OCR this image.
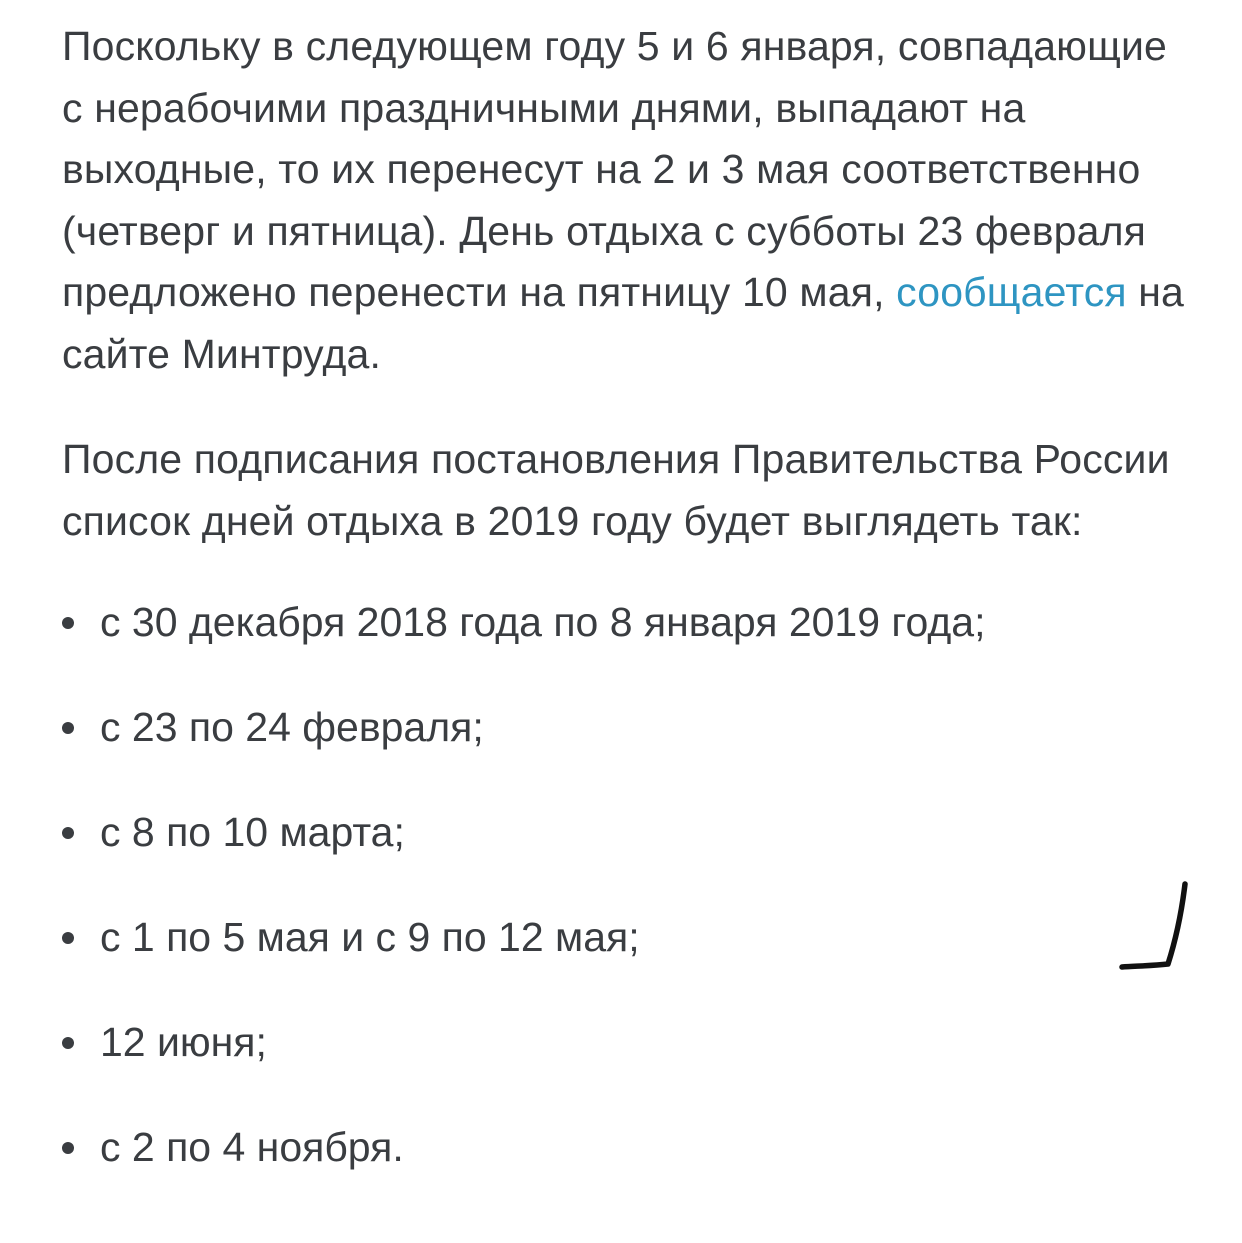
Поскольку в следующем году 5 и 6 января, совпадающие с нерабочими праздничными днями, выпадают на выходные, то их перенесут на 2 и 3 мая соответственно (четверг и пятница). День отдыха с субботы 23 февраля предложено перенести на пятницу 10 мая, сообщается на сайте Минтруда.

После подписания постановления Правительства России список дней отдыха в 2019 году будет выглядеть так:

с 30 декабря 2018 года по 8 января 2019 года;
с 23 по 24 февраля;
с 8 по 10 марта;
с 1 по 5 мая и с 9 по 12 мая;
12 июня;
с 2 по 4 ноября.
